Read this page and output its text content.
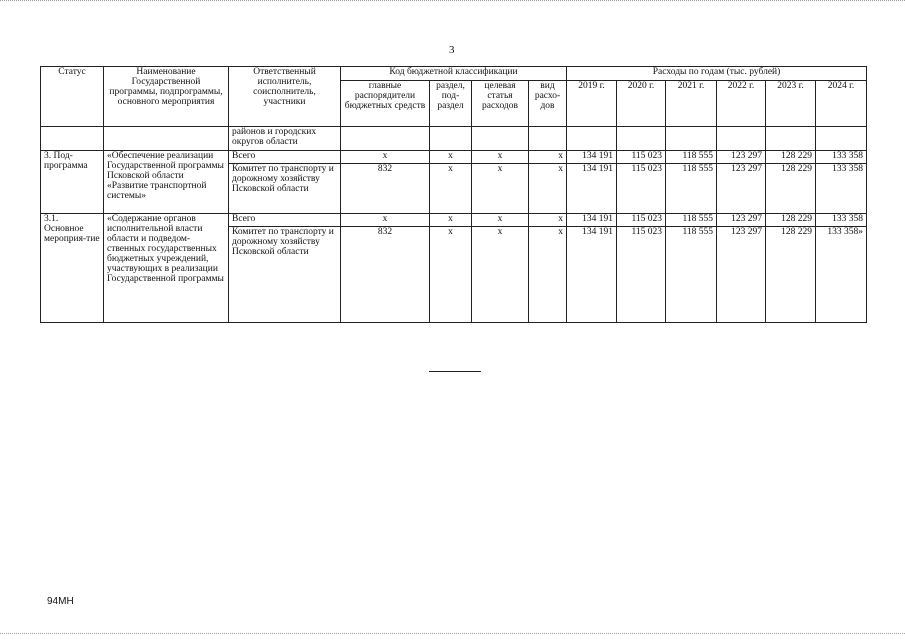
3
Статус	Наименование Государственной программы, подпрограммы, основного мероприятия	Ответственный исполнитель, соисполнитель, участники	Код бюджетной классификации				Расходы по годам (тыс. рублей)					
			главные распорядители бюджетных средств	раздел, под-раздел	целевая статья расходов	вид расхо-дов	2019 г.	2020 г.	2021 г.	2022 г.	2023 г.	2024 г.
		районов и городских округов области										
3. Под-программа	«Обеспечение реализации Государственной программы Псковской области «Развитие транспортной системы»	Всего	x	x	x	x	134 191	115 023	118 555	123 297	128 229	133 358
		Комитет по транспорту и дорожному хозяйству Псковской области	832	x	x	x	134 191	115 023	118 555	123 297	128 229	133 358
3.1. Основное мероприя-тие	«Содержание органов исполнительной власти области и подведом-ственных государственных бюджетных учреждений, участвующих в реализации Государственной программы	Всего	x	x	x	x	134 191	115 023	118 555	123 297	128 229	133 358
		Комитет по транспорту и дорожному хозяйству Псковской области	832	x	x	x	134 191	115 023	118 555	123 297	128 229	133 358»
94МН
